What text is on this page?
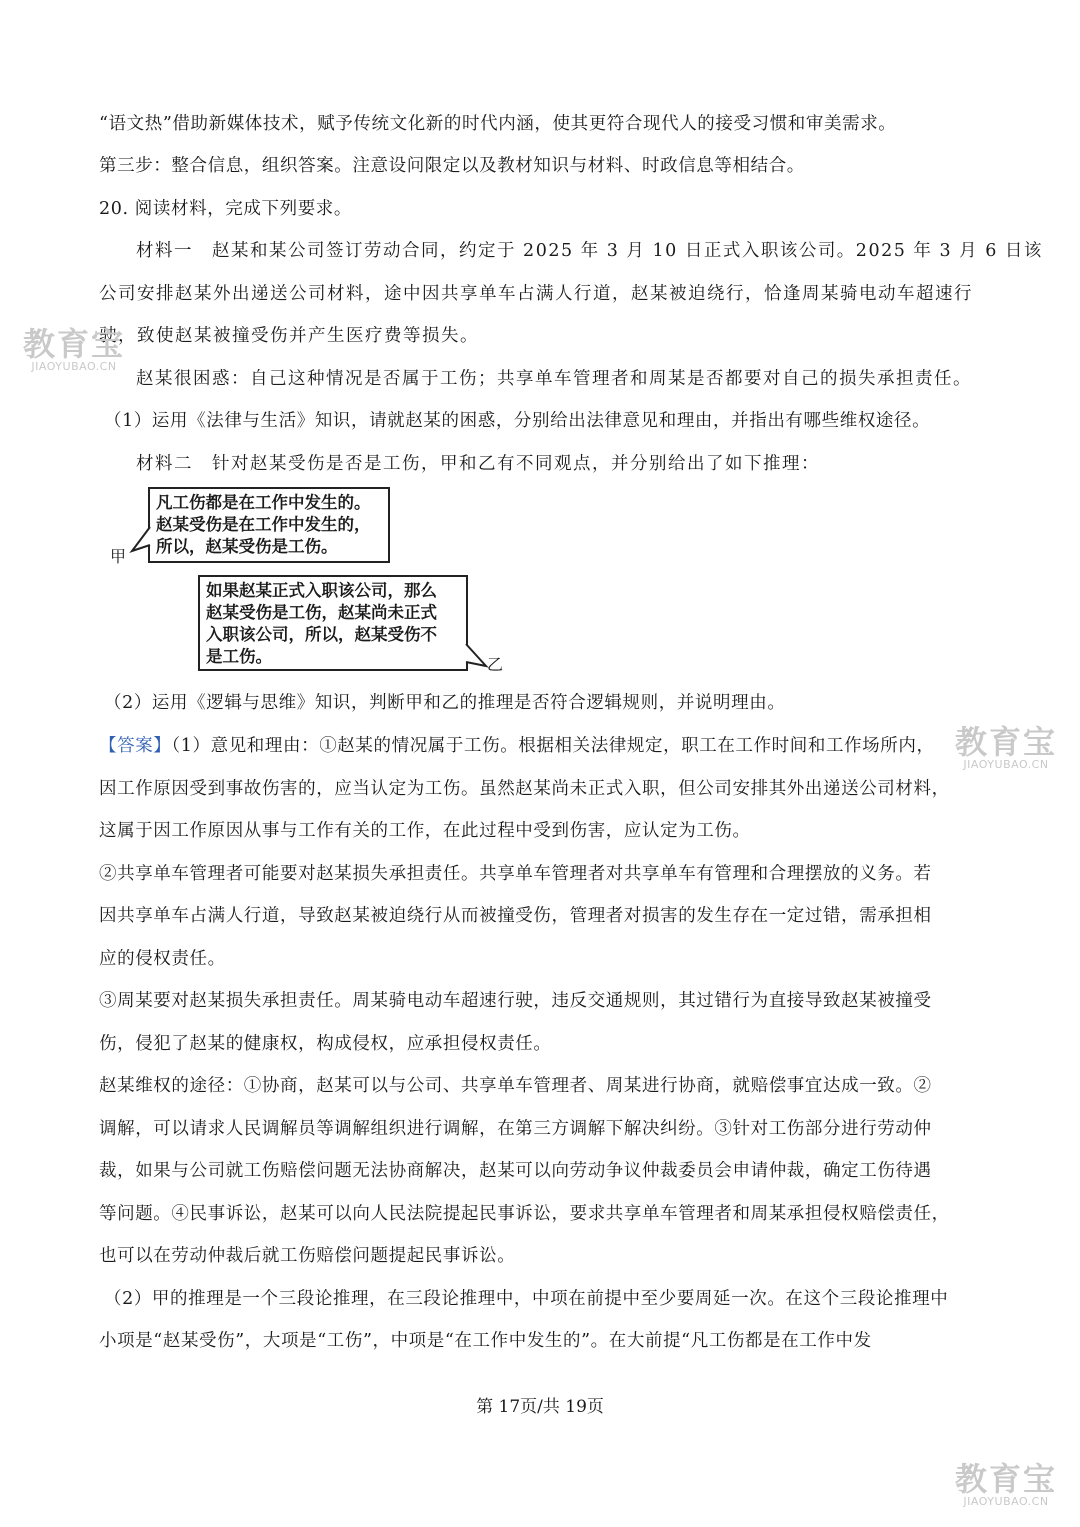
“语文热”借助新媒体技术，赋予传统文化新的时代内涵，使其更符合现代人的接受习惯和审美需求。
第三步：整合信息，组织答案。注意设问限定以及教材知识与材料、时政信息等相结合。
20. 阅读材料，完成下列要求。
材料一　赵某和某公司签订劳动合同，约定于 2025 年 3 月 10 日正式入职该公司。2025 年 3 月 6 日该
公司安排赵某外出递送公司材料，途中因共享单车占满人行道，赵某被迫绕行，恰逢周某骑电动车超速行
驶，致使赵某被撞受伤并产生医疗费等损失。
赵某很困惑：自己这种情况是否属于工伤；共享单车管理者和周某是否都要对自己的损失承担责任。
（1）运用《法律与生活》知识，请就赵某的困惑，分别给出法律意见和理由，并指出有哪些维权途径。
材料二　针对赵某受伤是否是工伤，甲和乙有不同观点，并分别给出了如下推理：
凡工伤都是在工作中发生的。
赵某受伤是在工作中发生的，
所以，赵某受伤是工伤。
甲
如果赵某正式入职该公司，那么
赵某受伤是工伤，赵某尚未正式
入职该公司，所以，赵某受伤不
是工伤。	乙
（2）运用《逻辑与思维》知识，判断甲和乙的推理是否符合逻辑规则，并说明理由。
【答案】（1）意见和理由：①赵某的情况属于工伤。根据相关法律规定，职工在工作时间和工作场所内，
因工作原因受到事故伤害的，应当认定为工伤。虽然赵某尚未正式入职，但公司安排其外出递送公司材料，
这属于因工作原因从事与工作有关的工作，在此过程中受到伤害，应认定为工伤。
②共享单车管理者可能要对赵某损失承担责任。共享单车管理者对共享单车有管理和合理摆放的义务。若
因共享单车占满人行道，导致赵某被迫绕行从而被撞受伤，管理者对损害的发生存在一定过错，需承担相
应的侵权责任。
③周某要对赵某损失承担责任。周某骑电动车超速行驶，违反交通规则，其过错行为直接导致赵某被撞受
伤，侵犯了赵某的健康权，构成侵权，应承担侵权责任。
赵某维权的途径：①协商，赵某可以与公司、共享单车管理者、周某进行协商，就赔偿事宜达成一致。②
调解，可以请求人民调解员等调解组织进行调解，在第三方调解下解决纠纷。③针对工伤部分进行劳动仲
裁，如果与公司就工伤赔偿问题无法协商解决，赵某可以向劳动争议仲裁委员会申请仲裁，确定工伤待遇
等问题。④民事诉讼，赵某可以向人民法院提起民事诉讼，要求共享单车管理者和周某承担侵权赔偿责任，
也可以在劳动仲裁后就工伤赔偿问题提起民事诉讼。
（2）甲的推理是一个三段论推理，在三段论推理中，中项在前提中至少要周延一次。在这个三段论推理中
小项是“赵某受伤”，大项是“工伤”，中项是“在工作中发生的”。在大前提“凡工伤都是在工作中发
第 17页/共 19页
教育宝
JIAOYUBAO.CN
教育宝
JIAOYUBAO.CN
教育宝
JIAOYUBAO.CN
